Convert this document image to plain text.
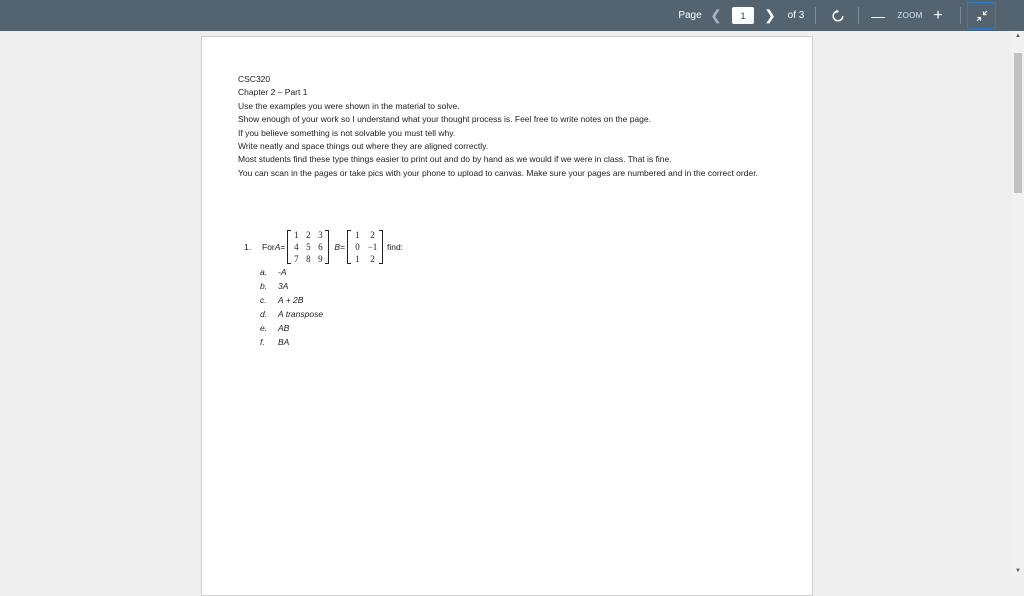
Page ❮
1	❯	of 3	—	ZOOM +
CSC320
Chapter 2 – Part 1
Use the examples you were shown in the material to solve.
Show enough of your work so I understand what your thought process is. Feel free to write notes on the page.
If you believe something is not solvable you must tell why.
Write neatly and space things out where they are aligned correctly.
Most students find these type things easier to print out and do by hand as we would if we were in class. That is fine.
You can scan in the pages or take pics with your phone to upload to canvas. Make sure your pages are numbered and in the correct order.
1.	For A =
1 2 3
4 5 6
7 8 9
B =
1	2
0 −1
1	2
find:
a.	-A
b.	3A
c.	A + 2B
d.	A transpose
e.	AB
f.	BA
▲
▼
